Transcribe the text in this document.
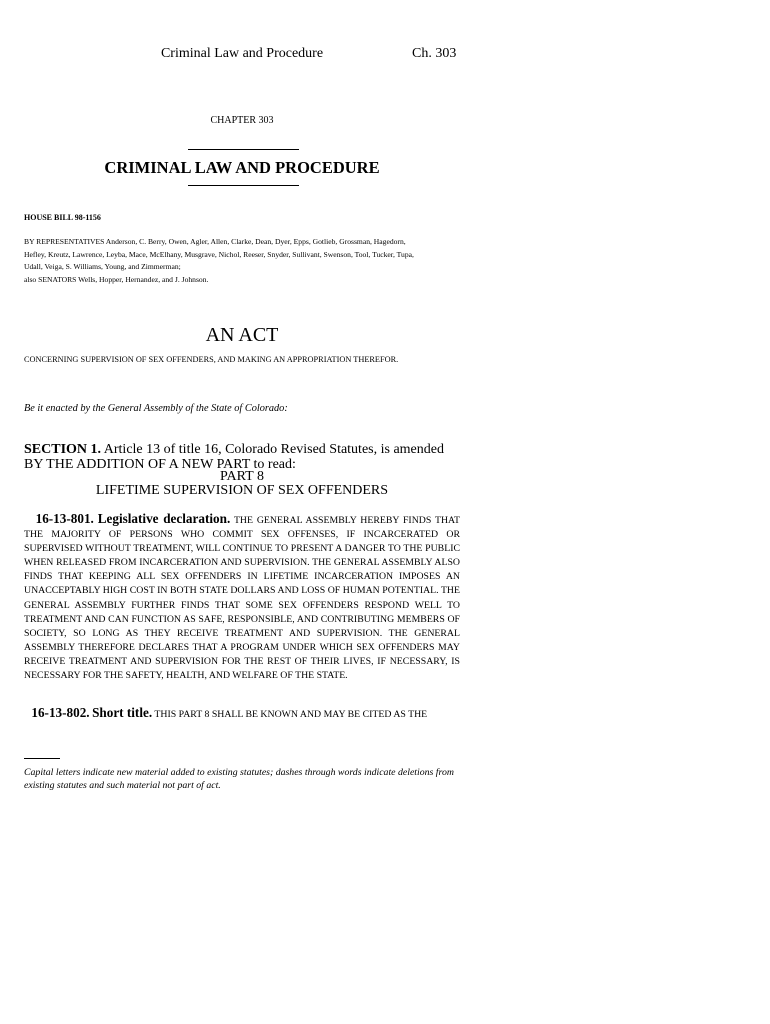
Criminal Law and Procedure	Ch. 303
CHAPTER 303
CRIMINAL LAW AND PROCEDURE
HOUSE BILL 98-1156
BY REPRESENTATIVES Anderson, C. Berry, Owen, Agler, Allen, Clarke, Dean, Dyer, Epps, Gotlieb, Grossman, Hagedorn,
Hefley, Kreutz, Lawrence, Leyba, Mace, McElhany, Musgrave, Nichol, Reeser, Snyder, Sullivant, Swenson, Tool, Tucker, Tupa,
Udall, Veiga, S. Williams, Young, and Zimmerman;
also SENATORS Wells, Hopper, Hernandez, and J. Johnson.
AN ACT
CONCERNING SUPERVISION OF SEX OFFENDERS, AND MAKING AN APPROPRIATION THEREFOR.
Be it enacted by the General Assembly of the State of Colorado:
SECTION 1. Article 13 of title 16, Colorado Revised Statutes, is amended BY THE ADDITION OF A NEW PART to read:
PART 8
LIFETIME SUPERVISION OF SEX OFFENDERS
16-13-801. Legislative declaration. THE GENERAL ASSEMBLY HEREBY FINDS THAT THE MAJORITY OF PERSONS WHO COMMIT SEX OFFENSES, IF INCARCERATED OR SUPERVISED WITHOUT TREATMENT, WILL CONTINUE TO PRESENT A DANGER TO THE PUBLIC WHEN RELEASED FROM INCARCERATION AND SUPERVISION. THE GENERAL ASSEMBLY ALSO FINDS THAT KEEPING ALL SEX OFFENDERS IN LIFETIME INCARCERATION IMPOSES AN UNACCEPTABLY HIGH COST IN BOTH STATE DOLLARS AND LOSS OF HUMAN POTENTIAL. THE GENERAL ASSEMBLY FURTHER FINDS THAT SOME SEX OFFENDERS RESPOND WELL TO TREATMENT AND CAN FUNCTION AS SAFE, RESPONSIBLE, AND CONTRIBUTING MEMBERS OF SOCIETY, SO LONG AS THEY RECEIVE TREATMENT AND SUPERVISION. THE GENERAL ASSEMBLY THEREFORE DECLARES THAT A PROGRAM UNDER WHICH SEX OFFENDERS MAY RECEIVE TREATMENT AND SUPERVISION FOR THE REST OF THEIR LIVES, IF NECESSARY, IS NECESSARY FOR THE SAFETY, HEALTH, AND WELFARE OF THE STATE.
16-13-802. Short title. THIS PART 8 SHALL BE KNOWN AND MAY BE CITED AS THE
Capital letters indicate new material added to existing statutes; dashes through words indicate deletions from existing statutes and such material not part of act.
